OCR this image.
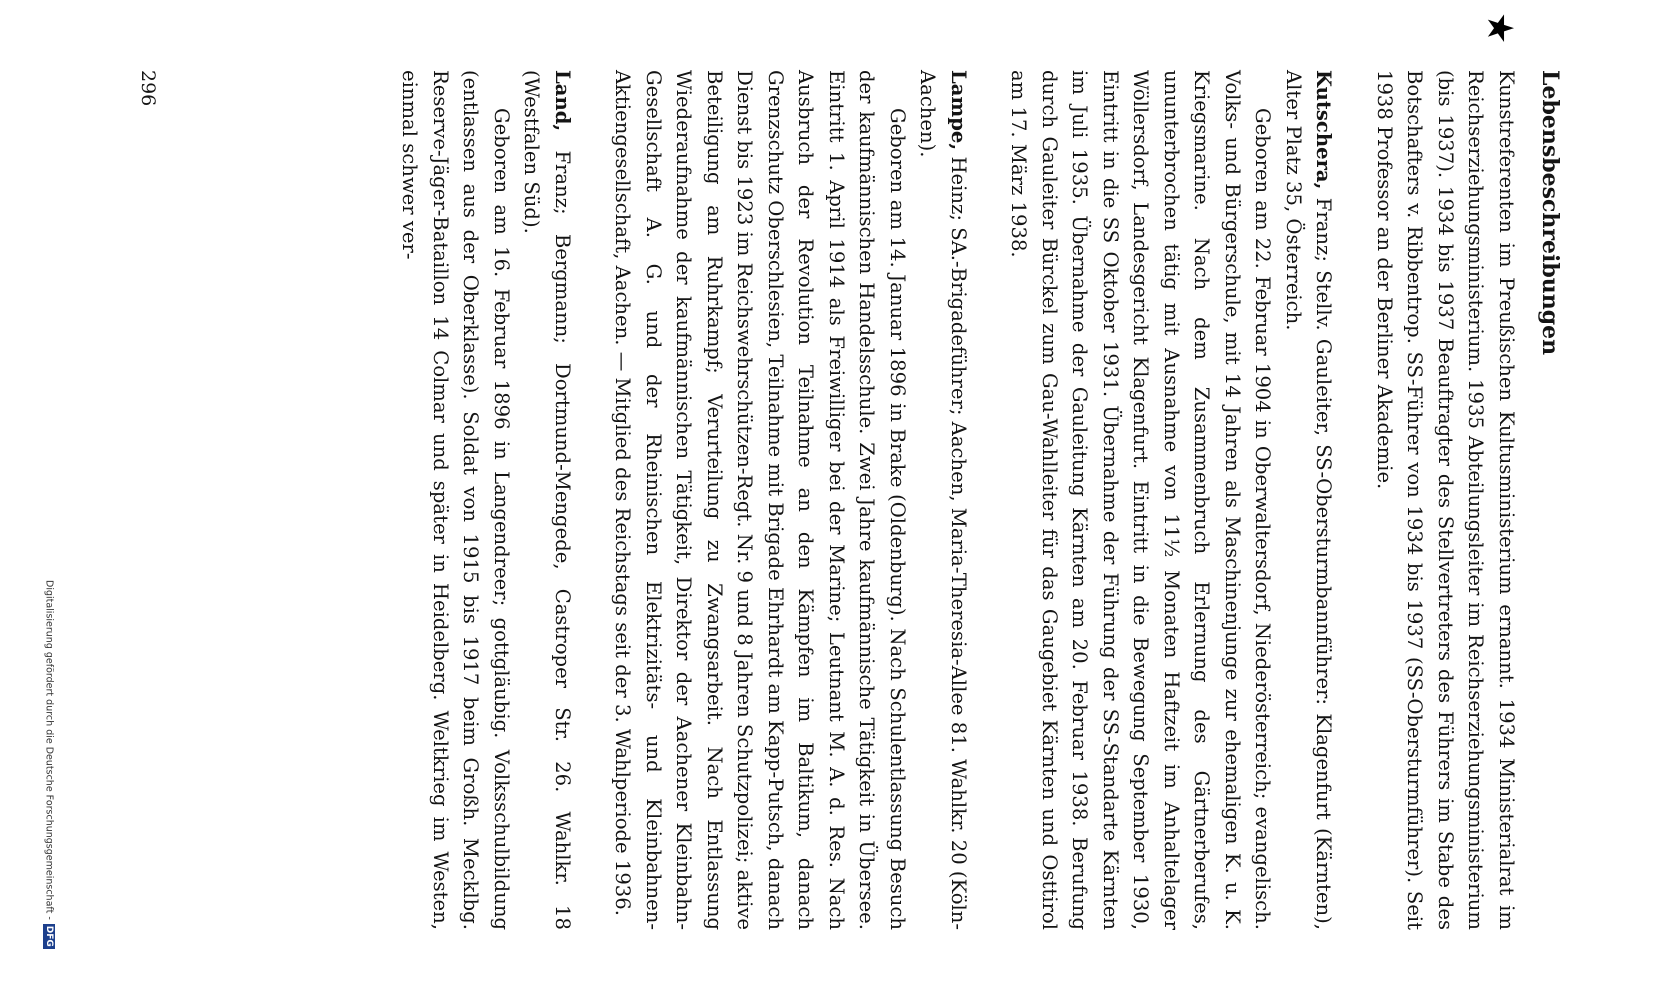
★
Lebensbeschreibungen

Kunstreferenten im Preußischen Kultusministerium ernannt. 1934 Ministerialrat im Reichserziehungsministerium. 1935 Abteilungsleiter im Reichserziehungsministerium (bis 1937). 1934 bis 1937 Beauftragter des Stellvertreters des Führers im Stabe des Botschafters v. Ribbentrop. SS-Führer von 1934 bis 1937 (SS-Obersturmführer). Seit 1938 Professor an der Berliner Akademie.

Kutschera, Franz; Stellv. Gauleiter, SS-Obersturmbannführer: Klagenfurt (Kärnten), Alter Platz 35, Österreich.

Geboren am 22. Februar 1904 in Oberwaltersdorf, Niederösterreich; evangelisch. Volks- und Bürgerschule, mit 14 Jahren als Maschinenjunge zur ehemaligen K. u. K. Kriegsmarine. Nach dem Zusammenbruch Erlernung des Gärtnerberufes, ununterbrochen tätig mit Ausnahme von 11½ Monaten Haftzeit im Anhaltelager Wöllersdorf, Landesgericht Klagenfurt. Eintritt in die Bewegung September 1930, Eintritt in die SS Oktober 1931. Übernahme der Führung der SS-Standarte Kärnten im Juli 1935. Übernahme der Gauleitung Kärnten am 20. Februar 1938. Berufung durch Gauleiter Bürckel zum Gau-Wahlleiter für das Gaugebiet Kärnten und Osttirol am 17. März 1938.

Lampe, Heinz; SA.-Brigadeführer; Aachen, Maria-Theresia-Allee 81. Wahlkr. 20 (Köln-Aachen).

Geboren am 14. Januar 1896 in Brake (Oldenburg). Nach Schulentlassung Besuch der kaufmännischen Handelsschule. Zwei Jahre kaufmännische Tätigkeit in Übersee. Eintritt 1. April 1914 als Freiwilliger bei der Marine; Leutnant M. A. d. Res. Nach Ausbruch der Revolution Teilnahme an den Kämpfen im Baltikum, danach Grenzschutz Oberschlesien, Teilnahme mit Brigade Ehrhardt am Kapp-Putsch, danach Dienst bis 1923 im Reichswehrschützen-Regt. Nr. 9 und 8 Jahren Schutzpolizei; aktive Beteiligung am Ruhrkampf; Verurteilung zu Zwangsarbeit. Nach Entlassung Wiederaufnahme der kaufmännischen Tätigkeit, Direktor der Aachener Kleinbahn-Gesellschaft A. G. und der Rheinischen Elektrizitäts- und Kleinbahnen-Aktiengesellschaft, Aachen. — Mitglied des Reichstags seit der 3. Wahlperiode 1936.

Land, Franz; Bergmann; Dortmund-Mengede, Castroper Str. 26. Wahlkr. 18 (Westfalen Süd).

Geboren am 16. Februar 1896 in Langendreer; gottgläubig. Volksschulbildung (entlassen aus der Oberklasse). Soldat von 1915 bis 1917 beim Großh. Mecklbg. Reserve-Jäger-Bataillon 14 Colmar und später in Heidelberg. Weltkrieg im Westen, einmal schwer ver-

296
Digitalisierung gefördert durch die Deutsche Forschungsgemeinschaft -DFG
